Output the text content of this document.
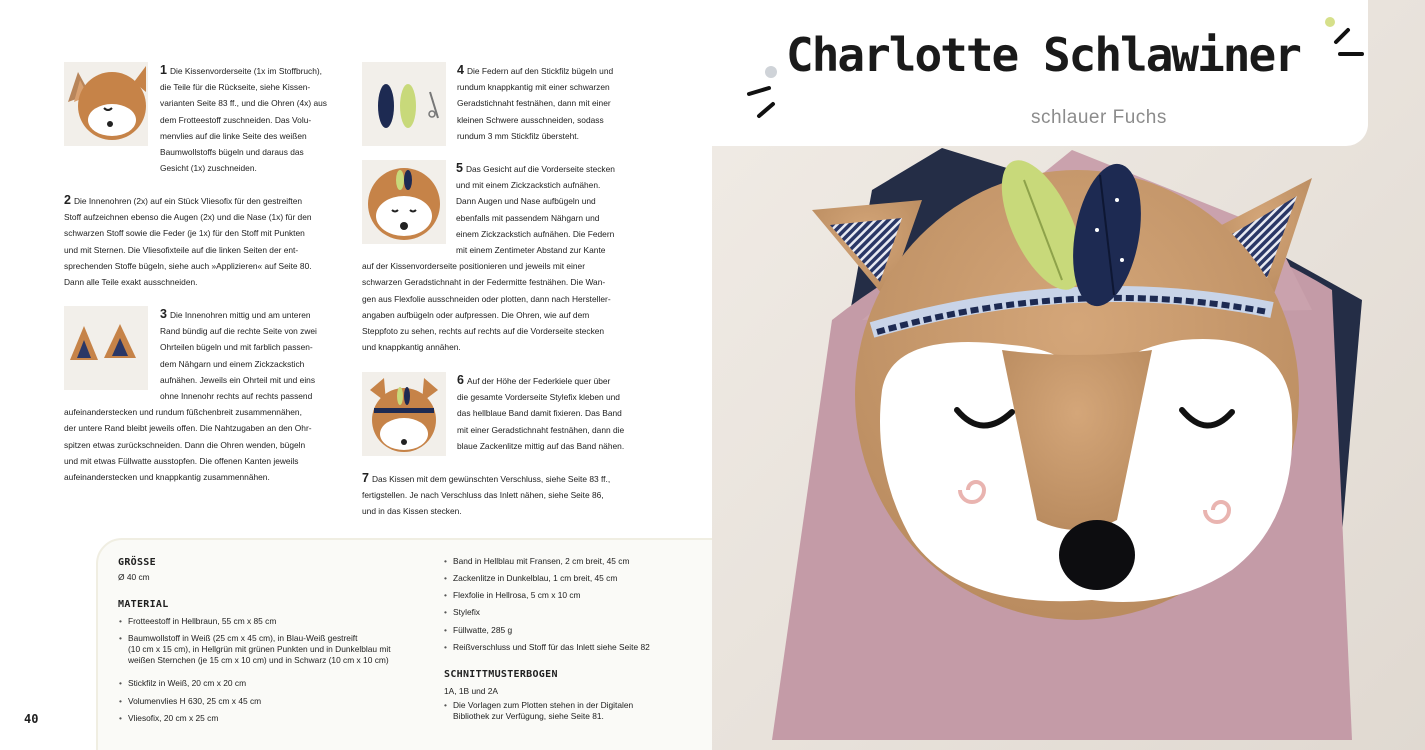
1 Die Kissenvorderseite (1x im Stoffbruch),
die Teile für die Rückseite, siehe Kissen-
varianten Seite 83 ff., und die Ohren (4x) aus
dem Frotteestoff zuschneiden. Das Volu-
menvlies auf die linke Seite des weißen
Baumwollstoffs bügeln und daraus das
Gesicht (1x) zuschneiden.
2 Die Innenohren (2x) auf ein Stück Vliesofix für den gestreiften
Stoff aufzeichnen ebenso die Augen (2x) und die Nase (1x) für den
schwarzen Stoff sowie die Feder (je 1x) für den Stoff mit Punkten
und mit Sternen. Die Vliesofixteile auf die linken Seiten der ent-
sprechenden Stoffe bügeln, siehe auch »Applizieren« auf Seite 80.
Dann alle Teile exakt ausschneiden.
3 Die Innenohren mittig und am unteren
Rand bündig auf die rechte Seite von zwei
Ohrteilen bügeln und mit farblich passen-
dem Nähgarn und einem Zickzackstich
aufnähen. Jeweils ein Ohrteil mit und eins
ohne Innenohr rechts auf rechts passend
aufeinanderstecken und rundum füßchenbreit zusammennähen,
der untere Rand bleibt jeweils offen. Die Nahtzugaben an den Ohr-
spitzen etwas zurückschneiden. Dann die Ohren wenden, bügeln
und mit etwas Füllwatte ausstopfen. Die offenen Kanten jeweils
aufeinanderstecken und knappkantig zusammennähen.
4 Die Federn auf den Stickfilz bügeln und
rundum knappkantig mit einer schwarzen
Geradstichnaht festnähen, dann mit einer
kleinen Schwere ausschneiden, sodass
rundum 3 mm Stickfilz übersteht.
5 Das Gesicht auf die Vorderseite stecken
und mit einem Zickzackstich aufnähen.
Dann Augen und Nase aufbügeln und
ebenfalls mit passendem Nähgarn und
einem Zickzackstich aufnähen. Die Federn
mit einem Zentimeter Abstand zur Kante
auf der Kissenvorderseite positionieren und jeweils mit einer
schwarzen Geradstichnaht in der Federmitte festnähen. Die Wan-
gen aus Flexfolie ausschneiden oder plotten, dann nach Hersteller-
angaben aufbügeln oder aufpressen. Die Ohren, wie auf dem
Steppfoto zu sehen, rechts auf rechts auf die Vorderseite stecken
und knappkantig annähen.
6 Auf der Höhe der Federkiele quer über
die gesamte Vorderseite Stylefix kleben und
das hellblaue Band damit fixieren. Das Band
mit einer Geradstichnaht festnähen, dann die
blaue Zackenlitze mittig auf das Band nähen.
7 Das Kissen mit dem gewünschten Verschluss, siehe Seite 83 ff.,
fertigstellen. Je nach Verschluss das Inlett nähen, siehe Seite 86,
und in das Kissen stecken.
40
GRÖSSE
Ø 40 cm
MATERIAL
• Frotteestoff in Hellbraun, 55 cm x 85 cm
• Baumwollstoff in Weiß (25 cm x 45 cm), in Blau-Weiß gestreift
(10 cm x 15 cm), in Hellgrün mit grünen Punkten und in Dunkelblau mit
weißen Sternchen (je 15 cm x 10 cm) und in Schwarz (10 cm x 10 cm)
• Stickfilz in Weiß, 20 cm x 20 cm
• Volumenvlies H 630, 25 cm x 45 cm
• Vliesofix, 20 cm x 25 cm
• Band in Hellblau mit Fransen, 2 cm breit, 45 cm
• Zackenlitze in Dunkelblau, 1 cm breit, 45 cm
• Flexfolie in Hellrosa, 5 cm x 10 cm
• Stylefix
• Füllwatte, 285 g
• Reißverschluss und Stoff für das Inlett siehe Seite 82
SCHNITTMUSTERBOGEN
1A, 1B und 2A
• Die Vorlagen zum Plotten stehen in der Digitalen
Bibliothek zur Verfügung, siehe Seite 81.
Charlotte Schlawiner
schlauer Fuchs
